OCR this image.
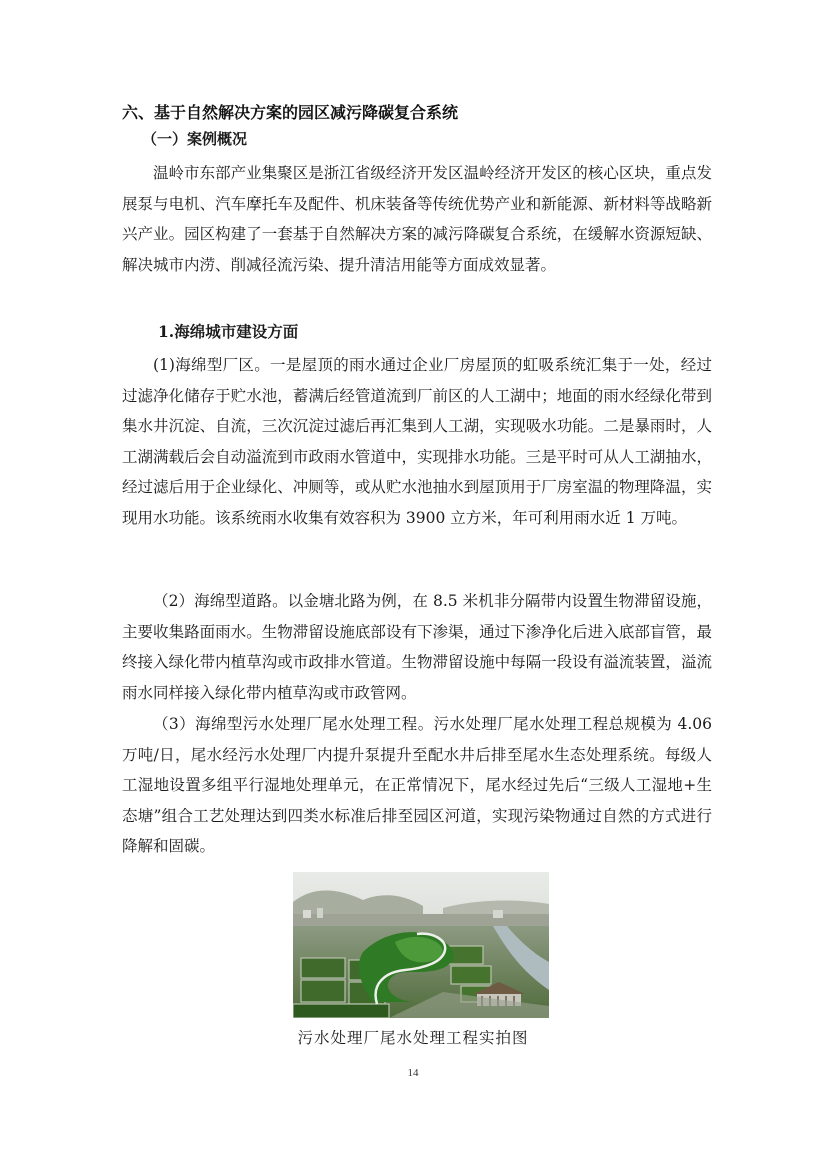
六、基于自然解决方案的园区减污降碳复合系统
（一）案例概况

温岭市东部产业集聚区是浙江省级经济开发区温岭经济开发区的核心区块，重点发展泵与电机、汽车摩托车及配件、机床装备等传统优势产业和新能源、新材料等战略新兴产业。园区构建了一套基于自然解决方案的减污降碳复合系统，在缓解水资源短缺、解决城市内涝、削减径流污染、提升清洁用能等方面成效显著。

1.海绵城市建设方面

(1)海绵型厂区。一是屋顶的雨水通过企业厂房屋顶的虹吸系统汇集于一处，经过过滤净化储存于贮水池，蓄满后经管道流到厂前区的人工湖中；地面的雨水经绿化带到集水井沉淀、自流，三次沉淀过滤后再汇集到人工湖，实现吸水功能。二是暴雨时，人工湖满载后会自动溢流到市政雨水管道中，实现排水功能。三是平时可从人工湖抽水，经过滤后用于企业绿化、冲厕等，或从贮水池抽水到屋顶用于厂房室温的物理降温，实现用水功能。该系统雨水收集有效容积为 3900 立方米，年可利用雨水近 1 万吨。

（2）海绵型道路。以金塘北路为例，在 8.5 米机非分隔带内设置生物滞留设施，主要收集路面雨水。生物滞留设施底部设有下渗渠，通过下渗净化后进入底部盲管，最终接入绿化带内植草沟或市政排水管道。生物滞留设施中每隔一段设有溢流装置，溢流雨水同样接入绿化带内植草沟或市政管网。

（3）海绵型污水处理厂尾水处理工程。污水处理厂尾水处理工程总规模为 4.06 万吨/日，尾水经污水处理厂内提升泵提升至配水井后排至尾水生态处理系统。每级人工湿地设置多组平行湿地处理单元，在正常情况下，尾水经过先后“三级人工湿地+生态塘”组合工艺处理达到四类水标准后排至园区河道，实现污染物通过自然的方式进行降解和固碳。

污水处理厂尾水处理工程实拍图

14
